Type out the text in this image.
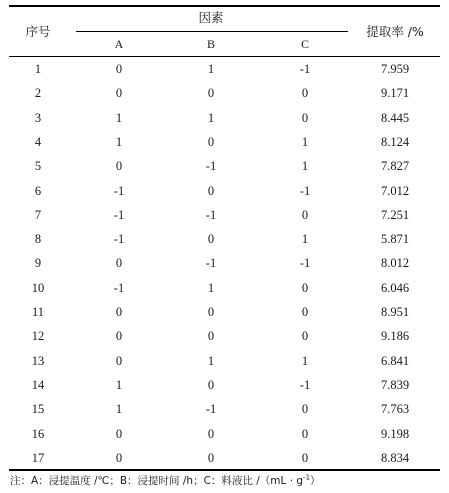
序号
因素
提取率 /%
A	B	C
1	0	1	-1	7.959
2	0	0	0	9.171
3	1	1	0	8.445
4	1	0	1	8.124
5	0	-1	1	7.827
6	-1	0	-1	7.012
7	-1	-1	0	7.251
8	-1	0	1	5.871
9	0	-1	-1	8.012
10	-1	1	0	6.046
11	0	0	0	8.951
12	0	0	0	9.186
13	0	1	1	6.841
14	1	0	-1	7.839
15	1	-1	0	7.763
16	0	0	0	9.198
17	0	0	0	8.834
注：A：浸提温度 /℃；B：浸提时间 /h；C：料液比 $/(mL \cdot g^{-1})$
